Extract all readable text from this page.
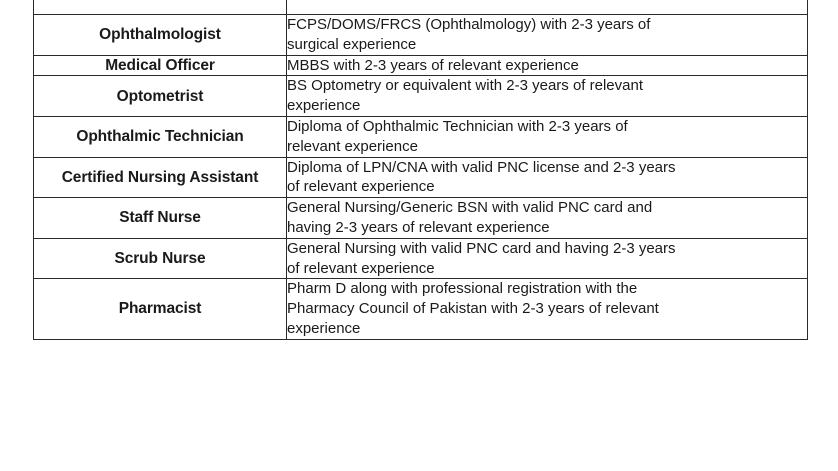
Ophthalmologist	FCPS/DOMS/FRCS (Ophthalmology) with 2-3 years of
surgical experience

Medical Officer	MBBS with 2-3 years of relevant experience

Optometrist	BS Optometry or equivalent with 2-3 years of relevant
experience

Ophthalmic Technician	Diploma of Ophthalmic Technician with 2-3 years of
relevant experience

Certified Nursing Assistant	Diploma of LPN/CNA with valid PNC license and 2-3 years
of relevant experience

Staff Nurse	General Nursing/Generic BSN with valid PNC card and
having 2-3 years of relevant experience

Scrub Nurse	General Nursing with valid PNC card and having 2-3 years
of relevant experience

Pharmacist	Pharm D along with professional registration with the
Pharmacy Council of Pakistan with 2-3 years of relevant
experience
